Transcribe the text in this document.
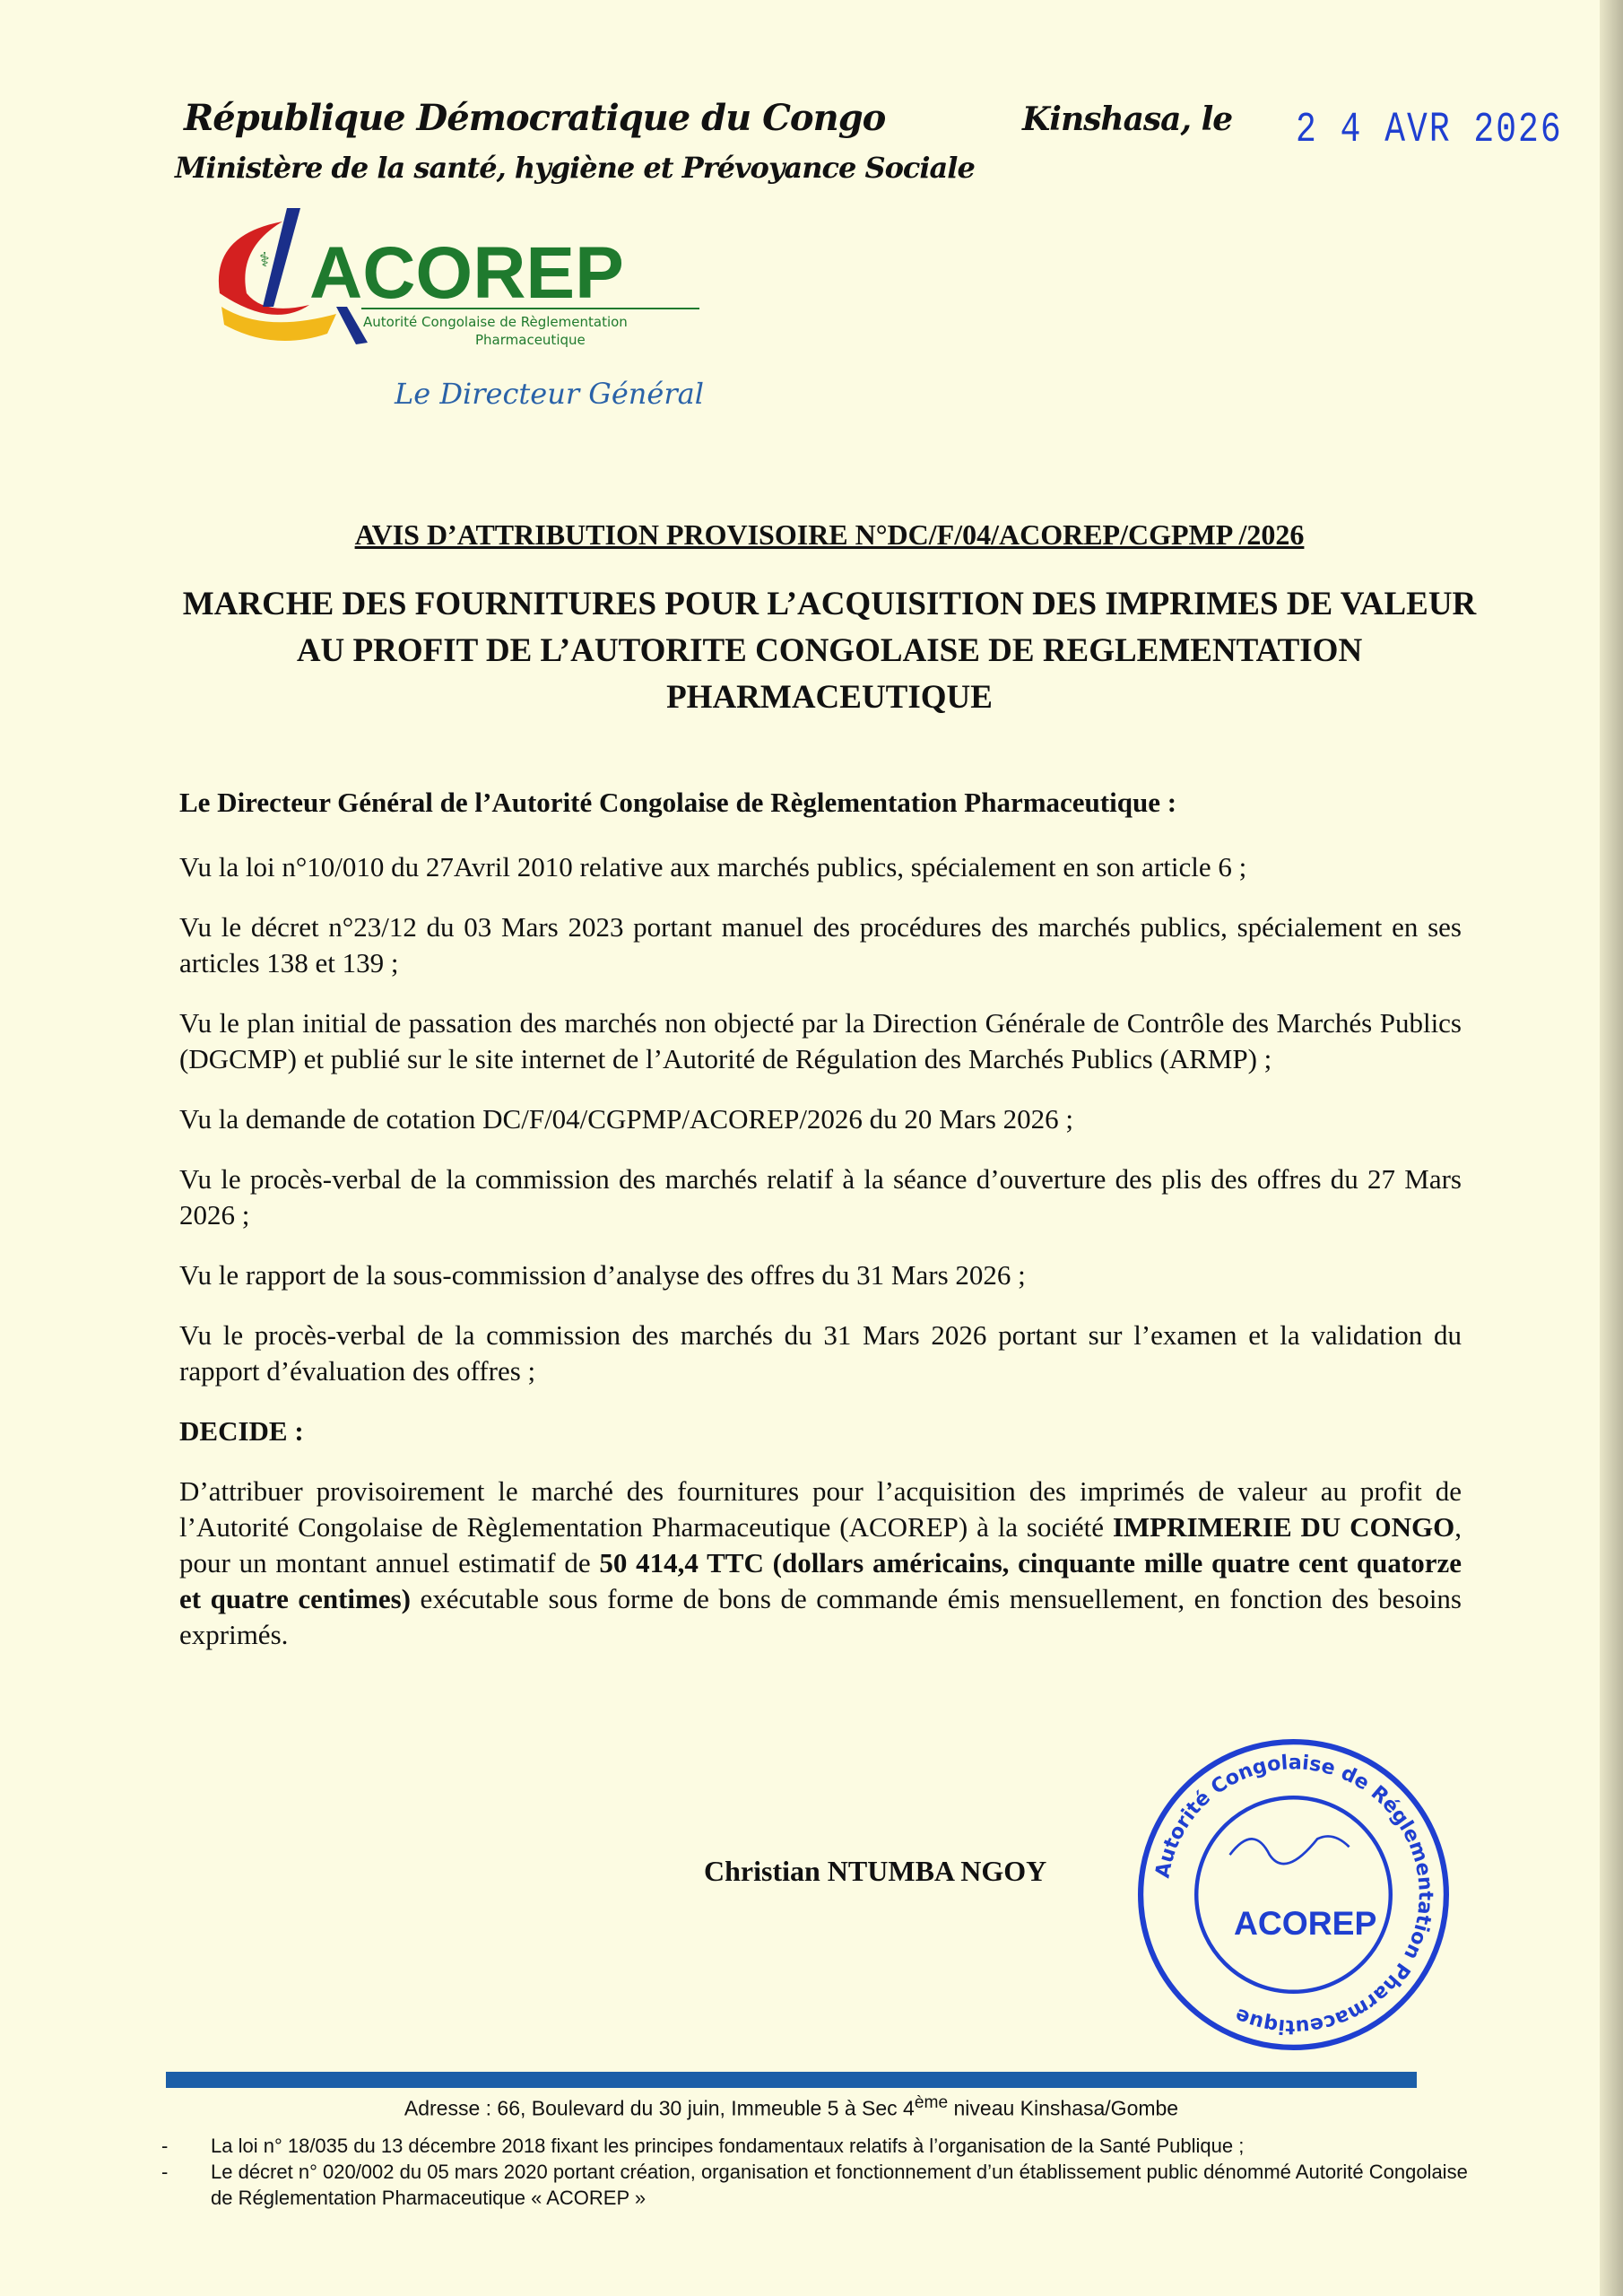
République Démocratique du Congo
Ministère de la santé, hygiène et Prévoyance Sociale
Kinshasa, le 2 4 AVR 2026
⚕ ACOREP
Autorité Congolaise de Règlementation
Pharmaceutique
Le Directeur Général
AVIS D’ATTRIBUTION PROVISOIRE N°DC/F/04/ACOREP/CGPMP /2026
MARCHE DES FOURNITURES POUR L’ACQUISITION DES IMPRIMES DE VALEUR AU PROFIT DE L’AUTORITE CONGOLAISE DE REGLEMENTATION PHARMACEUTIQUE

Le Directeur Général de l’Autorité Congolaise de Règlementation Pharmaceutique :

Vu la loi n°10/010 du 27Avril 2010 relative aux marchés publics, spécialement en son article 6 ;

Vu le décret n°23/12 du 03 Mars 2023 portant manuel des procédures des marchés publics, spécialement en ses articles 138 et 139 ;

Vu le plan initial de passation des marchés non objecté par la Direction Générale de Contrôle des Marchés Publics (DGCMP) et publié sur le site internet de l’Autorité de Régulation des Marchés Publics (ARMP) ;

Vu la demande de cotation DC/F/04/CGPMP/ACOREP/2026 du 20 Mars 2026 ;

Vu le procès-verbal de la commission des marchés relatif à la séance d’ouverture des plis des offres du 27 Mars 2026 ;

Vu le rapport de la sous-commission d’analyse des offres du 31 Mars 2026 ;

Vu le procès-verbal de la commission des marchés du 31 Mars 2026 portant sur l’examen et la validation du rapport d’évaluation des offres ;

DECIDE :

D’attribuer provisoirement le marché des fournitures pour l’acquisition des imprimés de valeur au profit de l’Autorité Congolaise de Règlementation Pharmaceutique (ACOREP) à la société IMPRIMERIE DU CONGO, pour un montant annuel estimatif de 50 414,4 TTC (dollars américains, cinquante mille quatre cent quatorze et quatre centimes) exécutable sous forme de bons de commande émis mensuellement, en fonction des besoins exprimés.

Christian NTUMBA NGOY	Autorité Congolaise de Réglementation Pharmaceutique
ACOREP
Adresse : 66, Boulevard du 30 juin, Immeuble 5 à Sec 4ème niveau Kinshasa/Gombe
-	La loi n° 18/035 du 13 décembre 2018 fixant les principes fondamentaux relatifs à l’organisation de la Santé Publique ;
-	Le décret n° 020/002 du 05 mars 2020 portant création, organisation et fonctionnement d’un établissement public dénommé Autorité Congolaise de Réglementation Pharmaceutique « ACOREP »
